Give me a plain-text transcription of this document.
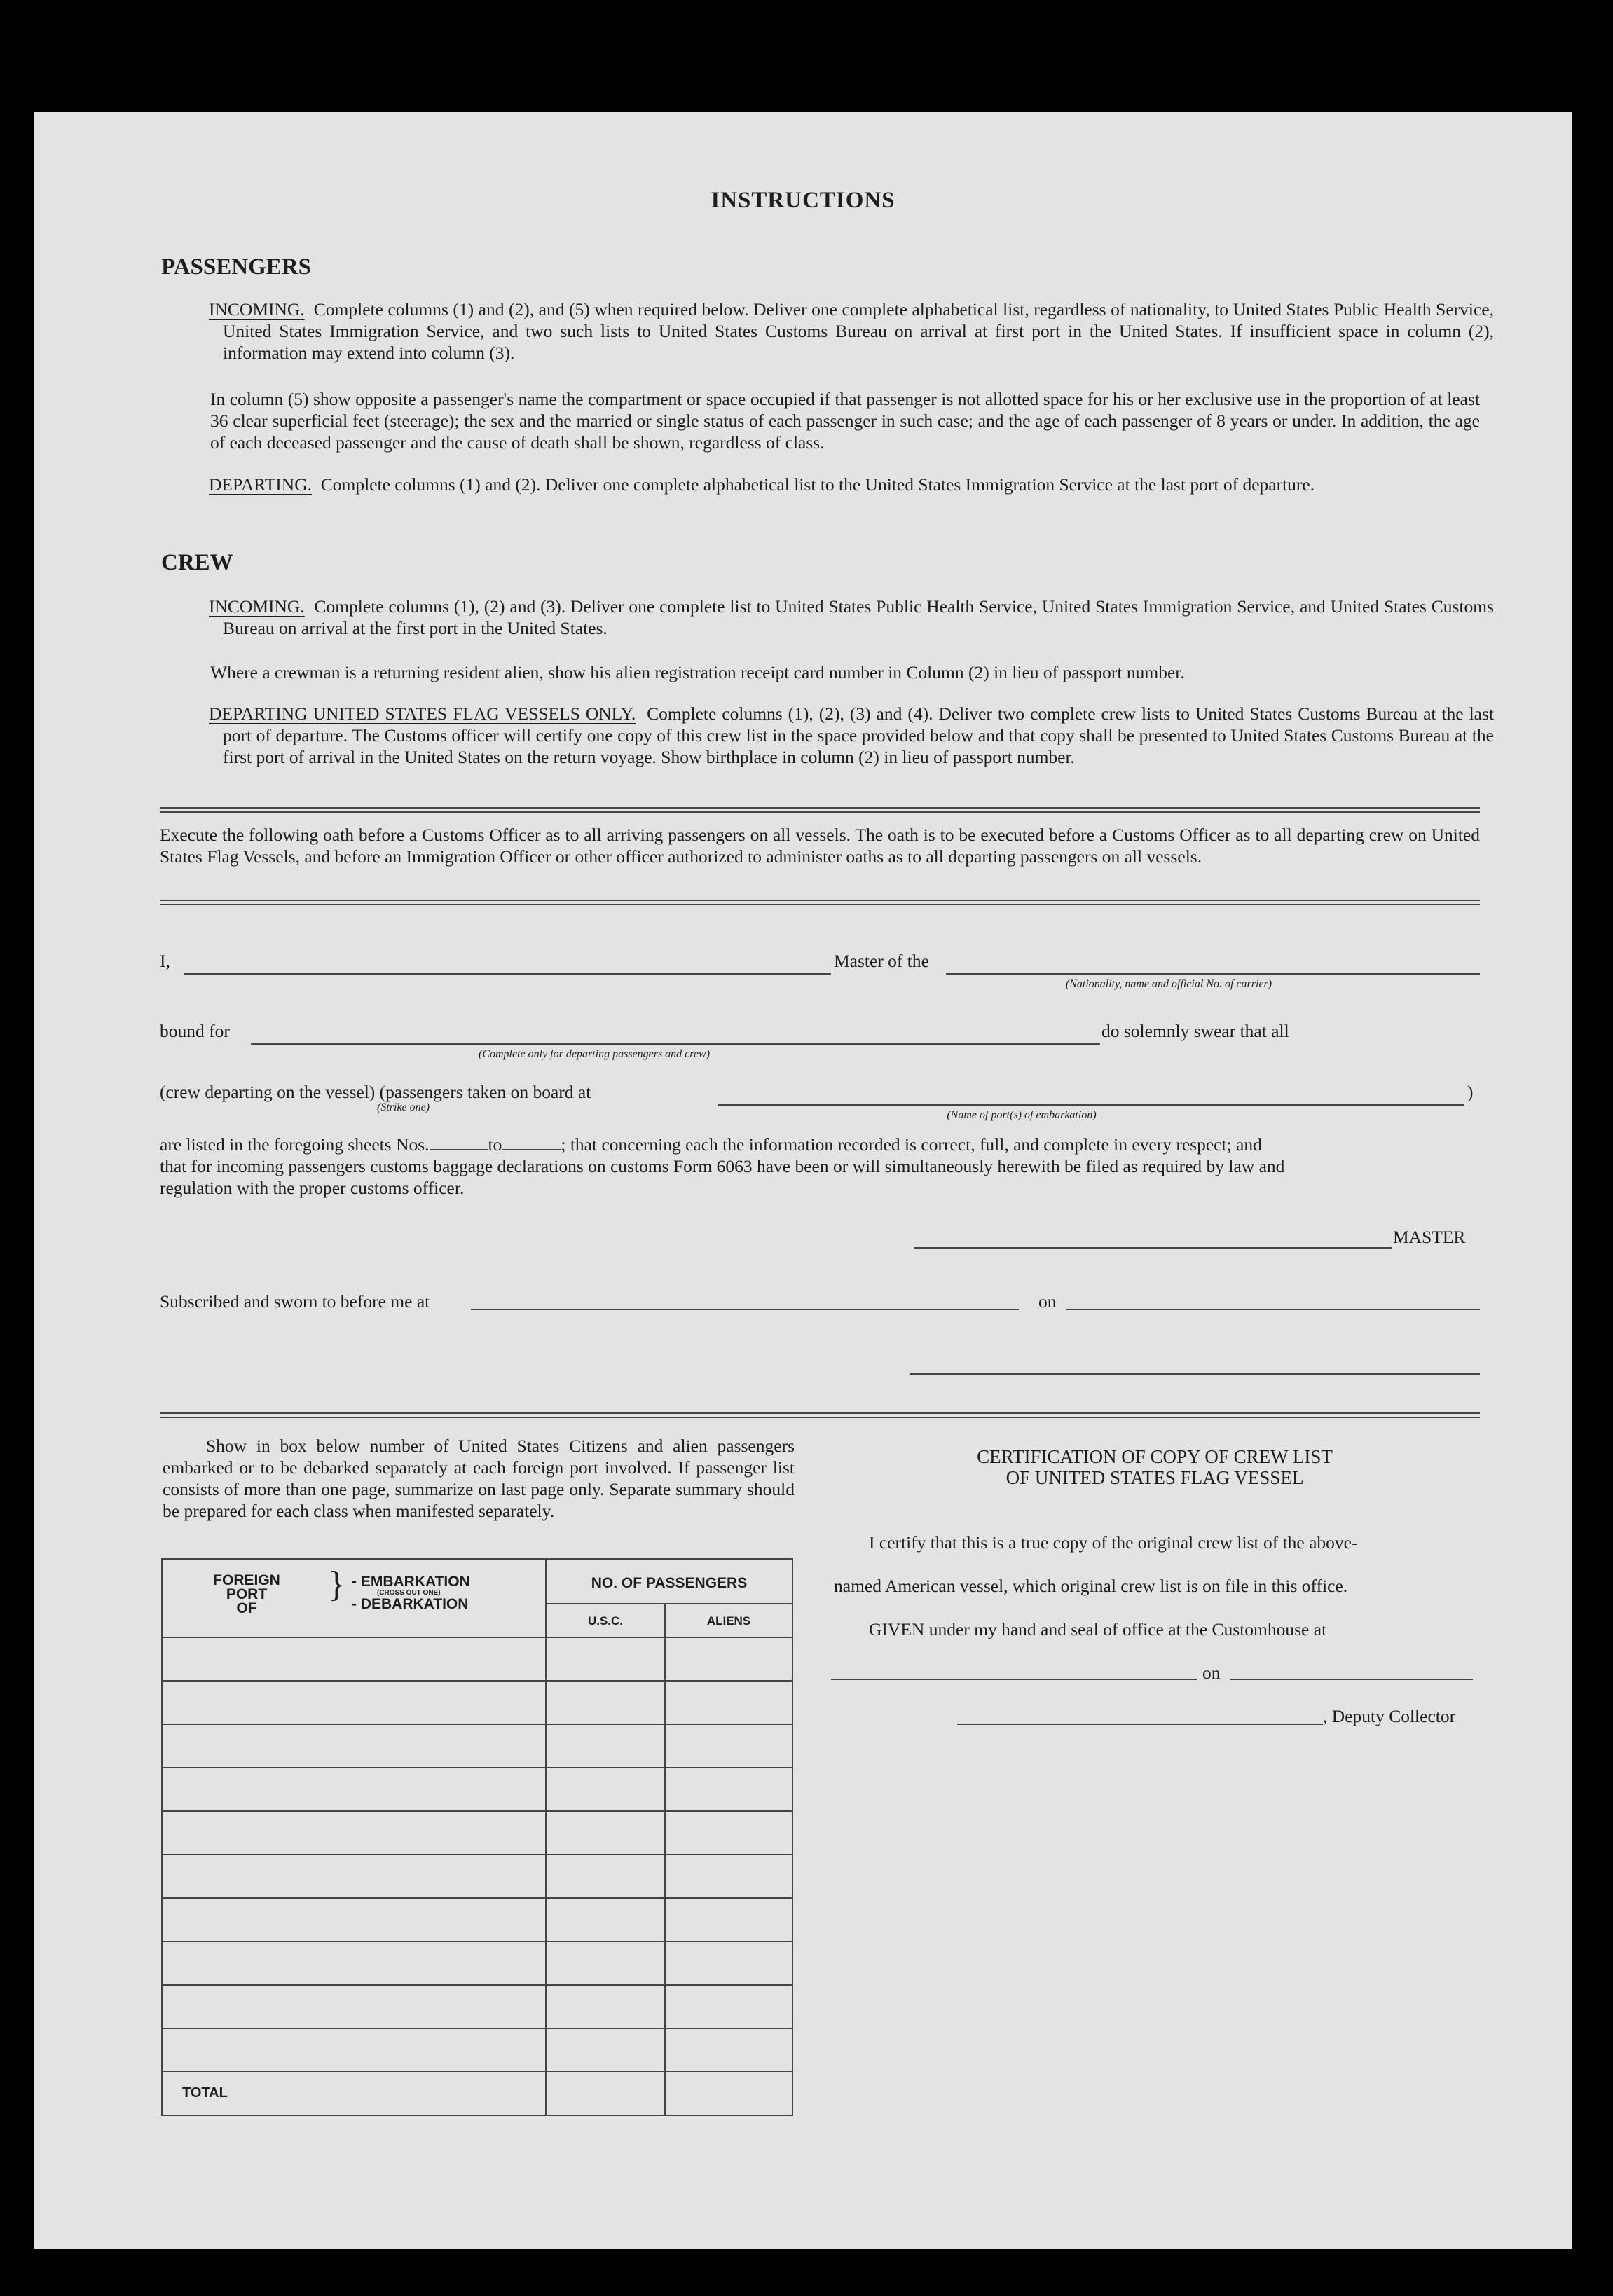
INSTRUCTIONS
PASSENGERS
INCOMING. Complete columns (1) and (2), and (5) when required below. Deliver one complete alphabetical list, regardless of nationality, to United States Public Health Service, United States Immigration Service, and two such lists to United States Customs Bureau on arrival at first port in the United States. If insufficient space in column (2), information may extend into column (3).
In column (5) show opposite a passenger's name the compartment or space occupied if that passenger is not allotted space for his or her exclusive use in the proportion of at least 36 clear superficial feet (steerage); the sex and the married or single status of each passenger in such case; and the age of each passenger of 8 years or under. In addition, the age of each deceased passenger and the cause of death shall be shown, regardless of class.
DEPARTING. Complete columns (1) and (2). Deliver one complete alphabetical list to the United States Immigration Service at the last port of departure.
CREW
INCOMING. Complete columns (1), (2) and (3). Deliver one complete list to United States Public Health Service, United States Immigration Service, and United States Customs Bureau on arrival at the first port in the United States.
Where a crewman is a returning resident alien, show his alien registration receipt card number in Column (2) in lieu of passport number.
DEPARTING UNITED STATES FLAG VESSELS ONLY. Complete columns (1), (2), (3) and (4). Deliver two complete crew lists to United States Customs Bureau at the last port of departure. The Customs officer will certify one copy of this crew list in the space provided below and that copy shall be presented to United States Customs Bureau at the first port of arrival in the United States on the return voyage. Show birthplace in column (2) in lieu of passport number.
Execute the following oath before a Customs Officer as to all arriving passengers on all vessels. The oath is to be executed before a Customs Officer as to all departing crew on United States Flag Vessels, and before an Immigration Officer or other officer authorized to administer oaths as to all departing passengers on all vessels.
I,	Master of the
(Nationality, name and official No. of carrier)
bound for
(Complete only for departing passengers and crew)
do solemnly swear that all
(crew departing on the vessel) (passengers taken on board at
(Strike one)
(Name of port(s) of embarkation)
)
are listed in the foregoing sheets Nos.	to	; that concerning each the information recorded is correct, full, and complete in every respect; and
that for incoming passengers customs baggage declarations on customs Form 6063 have been or will simultaneously herewith be filed as required by law and
regulation with the proper customs officer.
MASTER
Subscribed and sworn to before me at	on
Show in box below number of United States Citizens and alien passengers embarked or to be debarked separately at each foreign port involved. If passenger list consists of more than one page, summarize on last page only. Separate summary should be prepared for each class when manifested separately.
FOREIGN
PORT
OF
} - EMBARKATION
(CROSS OUT ONE)
- DEBARKATION
NO. OF PASSENGERS
U.S.C.	ALIENS
TOTAL
CERTIFICATION OF COPY OF CREW LIST
OF UNITED STATES FLAG VESSEL
I certify that this is a true copy of the original crew list of the above-
named American vessel, which original crew list is on file in this office.
GIVEN under my hand and seal of office at the Customhouse at
on
, Deputy Collector
